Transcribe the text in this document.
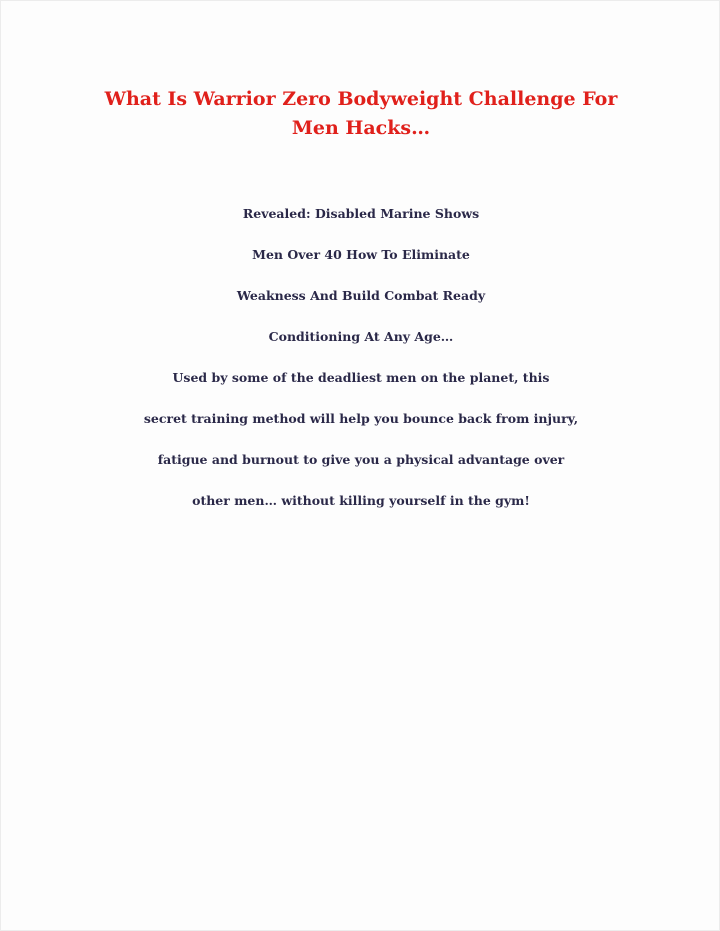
What Is Warrior Zero Bodyweight Challenge For
Men Hacks…
Revealed: Disabled Marine Shows
Men Over 40 How To Eliminate
Weakness And Build Combat Ready
Conditioning At Any Age…
Used by some of the deadliest men on the planet, this
secret training method will help you bounce back from injury,
fatigue and burnout to give you a physical advantage over
other men… without killing yourself in the gym!
